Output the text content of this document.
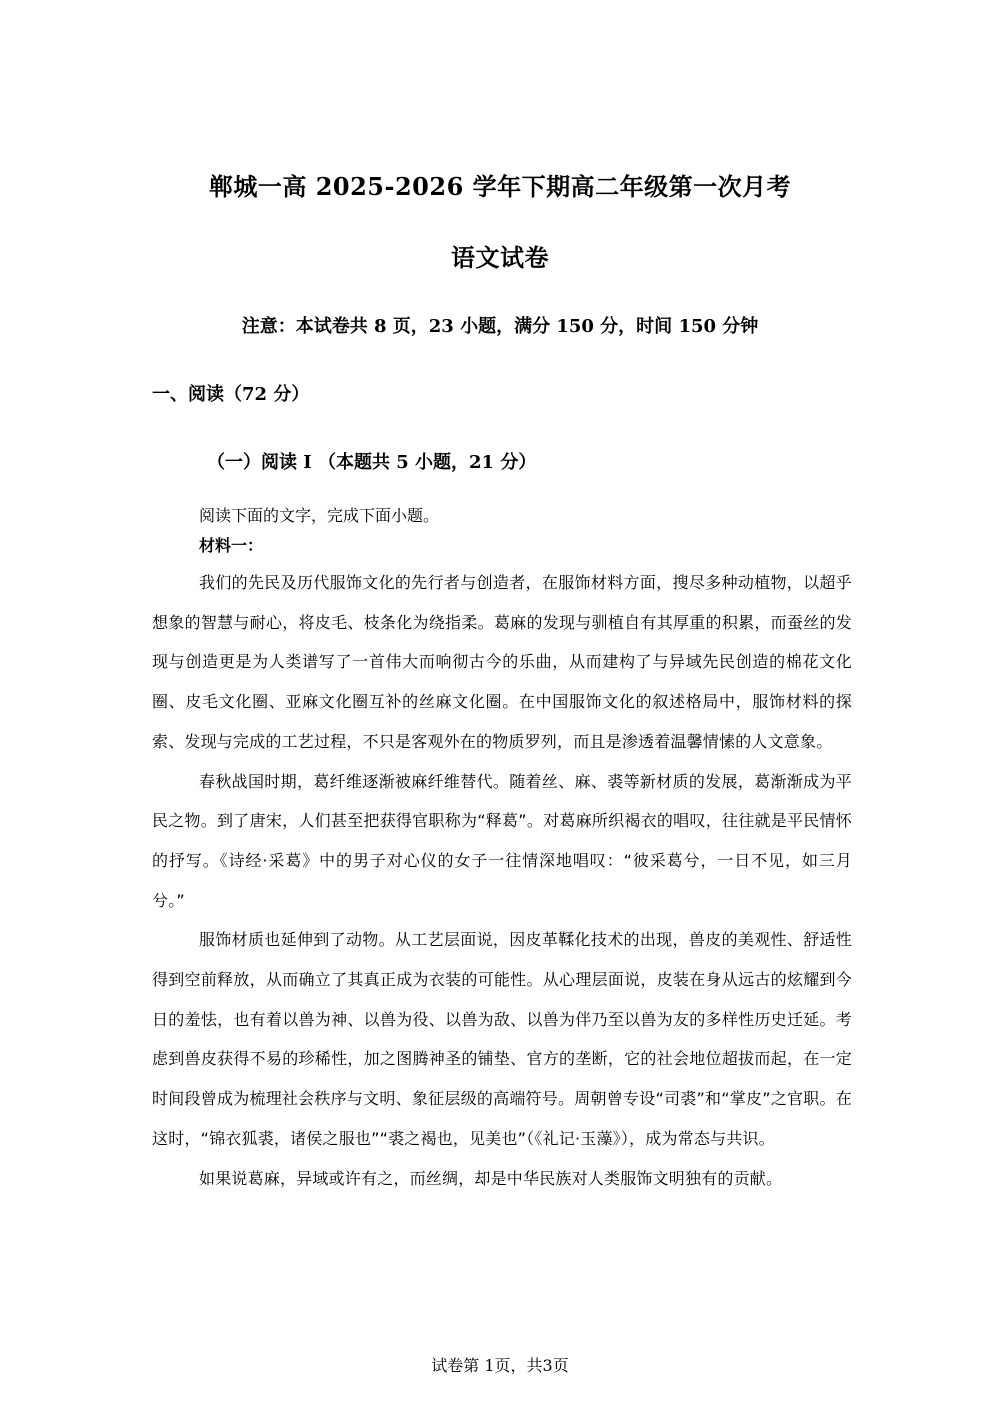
郸城一高 2025-2026 学年下期高二年级第一次月考
语文试卷
注意：本试卷共 8 页，23 小题，满分 150 分，时间 150 分钟
一、阅读（72 分）
（一）阅读 I （本题共 5 小题，21 分）

阅读下面的文字，完成下面小题。

材料一：

我们的先民及历代服饰文化的先行者与创造者，在服饰材料方面，搜尽多种动植物，以超乎想象的智慧与耐心，将皮毛、枝条化为绕指柔。葛麻的发现与驯植自有其厚重的积累，而蚕丝的发现与创造更是为人类谱写了一首伟大而响彻古今的乐曲，从而建构了与异域先民创造的棉花文化圈、皮毛文化圈、亚麻文化圈互补的丝麻文化圈。在中国服饰文化的叙述格局中，服饰材料的探索、发现与完成的工艺过程，不只是客观外在的物质罗列，而且是渗透着温馨情愫的人文意象。

春秋战国时期，葛纤维逐渐被麻纤维替代。随着丝、麻、裘等新材质的发展，葛渐渐成为平民之物。到了唐宋，人们甚至把获得官职称为“释葛”。对葛麻所织褐衣的唱叹，往往就是平民情怀的抒写。《诗经·采葛》中的男子对心仪的女子一往情深地唱叹：“彼采葛兮，一日不见，如三月兮。”

服饰材质也延伸到了动物。从工艺层面说，因皮革鞣化技术的出现，兽皮的美观性、舒适性得到空前释放，从而确立了其真正成为衣装的可能性。从心理层面说，皮装在身从远古的炫耀到今日的羞怯，也有着以兽为神、以兽为役、以兽为敌、以兽为伴乃至以兽为友的多样性历史迁延。考虑到兽皮获得不易的珍稀性，加之图腾神圣的铺垫、官方的垄断，它的社会地位超拔而起，在一定时间段曾成为梳理社会秩序与文明、象征层级的高端符号。周朝曾专设“司裘”和“掌皮”之官职。在这时，“锦衣狐裘，诸侯之服也”“裘之褐也，见美也”（《礼记·玉藻》），成为常态与共识。

如果说葛麻，异域或许有之，而丝绸，却是中华民族对人类服饰文明独有的贡献。

试卷第 1页，共3页
